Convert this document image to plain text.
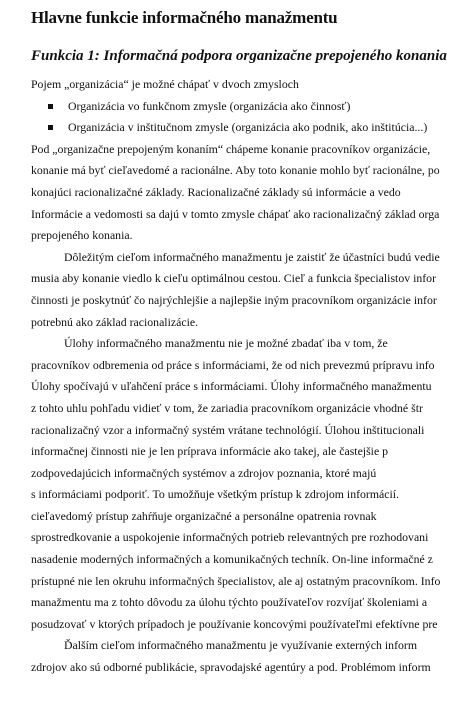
Hlavne funkcie informačného manažmentu
Funkcia 1: Informačná podpora organizačne prepojeného konania
Pojem „organizácia“ je možné chápať v dvoch zmysloch
Organizácia vo funkčnom zmysle (organizácia ako činnosť)
Organizácia v inštitučnom zmysle (organizácia ako podnik, ako inštitúcia...)
Pod „organizačne prepojeným konaním“ chápeme konanie pracovníkov organizácie,
konanie má byť cieľavedomé a racionálne. Aby toto konanie mohlo byť racionálne, po
konajúci racionalizačné základy. Racionalizačné základy sú informácie a vedo
Informácie a vedomosti sa dajú v tomto zmysle chápať ako racionalizačný základ orga
prepojeného konania.
Dôležitým cieľom informačného manažmentu je zaistiť že účastníci budú vedie
musia aby konanie viedlo k cieľu optimálnou cestou. Cieľ a funkcia špecialistov infor
činnosti je poskytnúť čo najrýchlejšie a najlepšie iným pracovníkom organizácie infor
potrebnú ako základ racionalizácie.
Úlohy informačného manažmentu nie je možné zbadať iba v tom, že
pracovníkov odbremenia od práce s informáciami, že od nich prevezmú prípravu info
Úlohy spočívajú v uľahčení práce s informáciami. Úlohy informačného manažmentu
z tohto uhlu pohľadu vidieť v tom, že zariadia pracovníkom organizácie vhodné štr
racionalizačný vzor a informačný systém vrátane technológií. Úlohou inštitucionali
informačnej činnosti nie je len príprava informácie ako takej, ale častejšie p
zodpovedajúcich informačných systémov a zdrojov poznania, ktoré majú
s informáciami podporiť. To umožňuje všetkým prístup k zdrojom informácií.
cieľavedomý prístup zahŕňuje organizačné a personálne opatrenia rovnak
sprostredkovanie a uspokojenie informačných potrieb relevantných pre rozhodovani
nasadenie moderných informačných a komunikačných techník. On-line informačné z
prístupné nie len okruhu informačných špecialistov, ale aj ostatným pracovníkom. Info
manažmentu ma z tohto dôvodu za úlohu týchto používateľov rozvíjať školeniami a
posudzovať v ktorých prípadoch je používanie koncovými používateľmi efektívne pre
Ďalším cieľom informačného manažmentu je využívanie externých inform
zdrojov ako sú odborné publikácie, spravodajské agentúry a pod. Problémom inform
